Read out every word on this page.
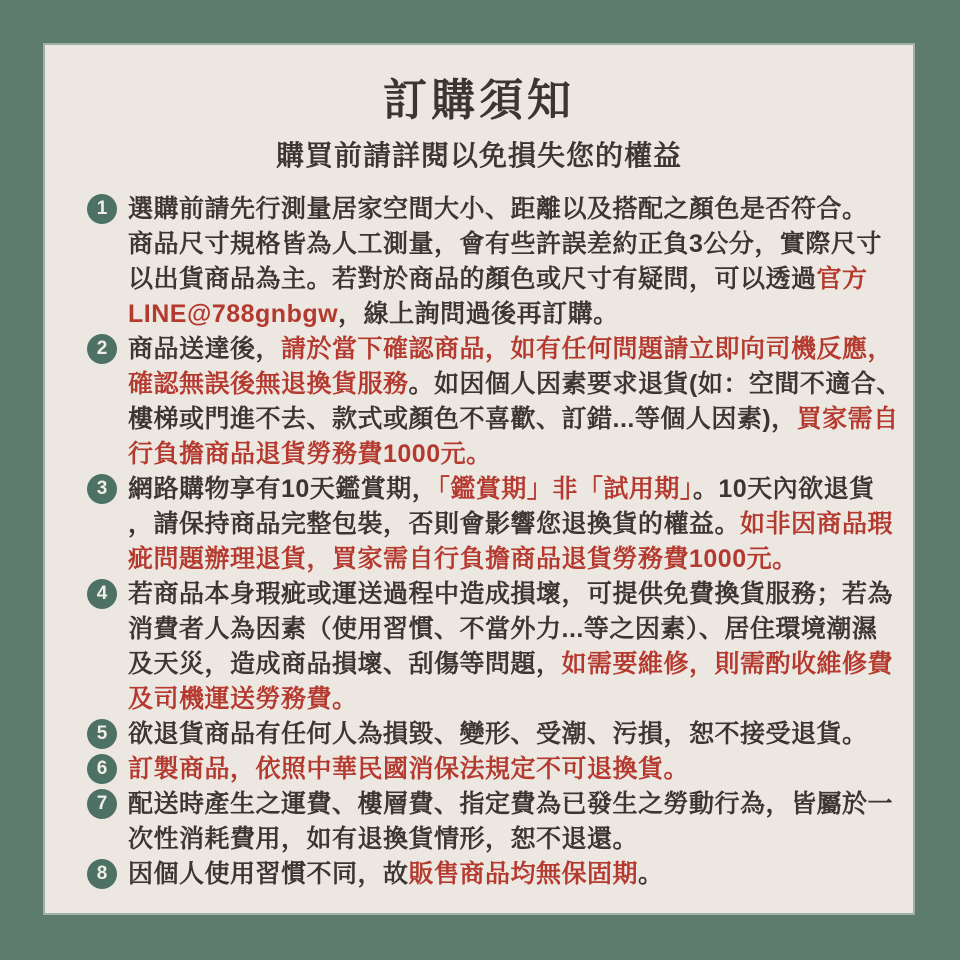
訂購須知
購買前請詳閱以免損失您的權益
1 選購前請先行測量居家空間大小、距離以及搭配之顏色是否符合。
商品尺寸規格皆為人工測量，會有些許誤差約正負3公分，實際尺寸
以出貨商品為主。若對於商品的顏色或尺寸有疑問，可以透過官方
LINE@788gnbgw，線上詢問過後再訂購。
2 商品送達後，請於當下確認商品，如有任何問題請立即向司機反應，
確認無誤後無退換貨服務。如因個人因素要求退貨(如：空間不適合、
樓梯或門進不去、款式或顏色不喜歡、訂錯...等個人因素)，買家需自
行負擔商品退貨勞務費1000元。
3 網路購物享有10天鑑賞期，「鑑賞期」非「試用期」。10天內欲退貨
，請保持商品完整包裝，否則會影響您退換貨的權益。如非因商品瑕
疵問題辦理退貨，買家需自行負擔商品退貨勞務費1000元。
4 若商品本身瑕疵或運送過程中造成損壞，可提供免費換貨服務；若為
消費者人為因素（使用習慣、不當外力...等之因素）、居住環境潮濕
及天災，造成商品損壞、刮傷等問題，如需要維修，則需酌收維修費
及司機運送勞務費。
5 欲退貨商品有任何人為損毀、變形、受潮、污損，恕不接受退貨。
6 訂製商品，依照中華民國消保法規定不可退換貨。
7 配送時產生之運費、樓層費、指定費為已發生之勞動行為，皆屬於一
次性消耗費用，如有退換貨情形，恕不退還。
8 因個人使用習慣不同，故販售商品均無保固期。
